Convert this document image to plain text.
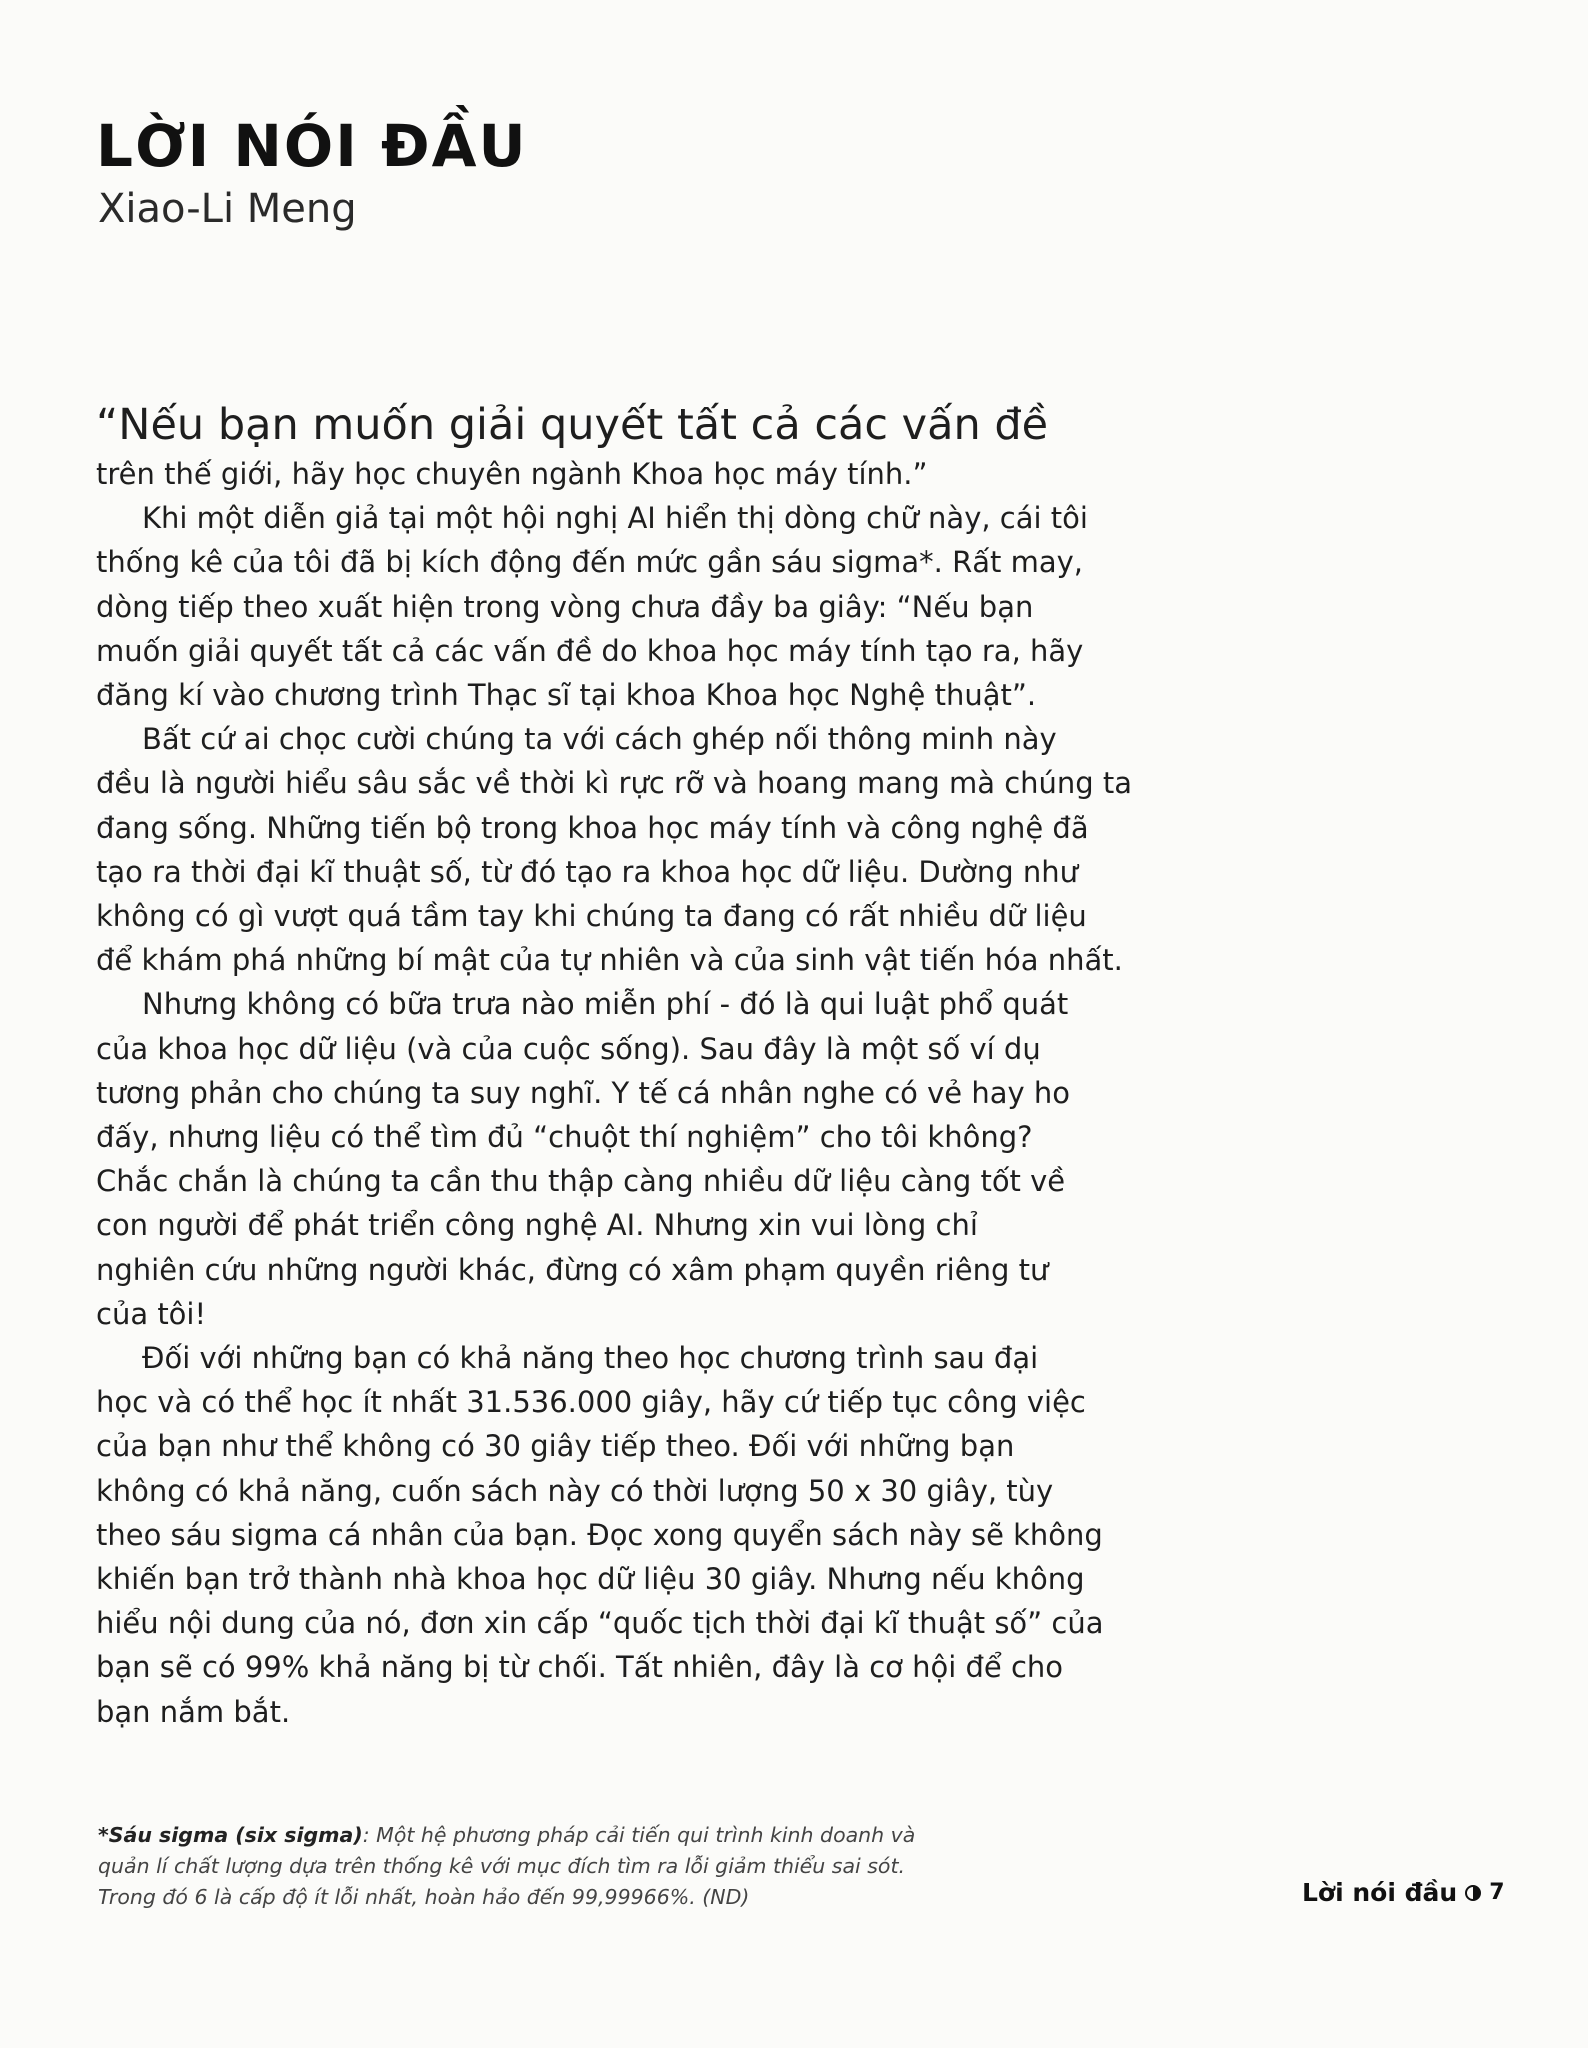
LỜI NÓI ĐẦU
Xiao-Li Meng
“Nếu bạn muốn giải quyết tất cả các vấn đề
trên thế giới, hãy học chuyên ngành Khoa học máy tính.”
Khi một diễn giả tại một hội nghị AI hiển thị dòng chữ này, cái tôi
thống kê của tôi đã bị kích động đến mức gần sáu sigma*. Rất may,
dòng tiếp theo xuất hiện trong vòng chưa đầy ba giây: “Nếu bạn
muốn giải quyết tất cả các vấn đề do khoa học máy tính tạo ra, hãy
đăng kí vào chương trình Thạc sĩ tại khoa Khoa học Nghệ thuật”.
Bất cứ ai chọc cười chúng ta với cách ghép nối thông minh này
đều là người hiểu sâu sắc về thời kì rực rỡ và hoang mang mà chúng ta
đang sống. Những tiến bộ trong khoa học máy tính và công nghệ đã
tạo ra thời đại kĩ thuật số, từ đó tạo ra khoa học dữ liệu. Dường như
không có gì vượt quá tầm tay khi chúng ta đang có rất nhiều dữ liệu
để khám phá những bí mật của tự nhiên và của sinh vật tiến hóa nhất.
Nhưng không có bữa trưa nào miễn phí - đó là qui luật phổ quát
của khoa học dữ liệu (và của cuộc sống). Sau đây là một số ví dụ
tương phản cho chúng ta suy nghĩ. Y tế cá nhân nghe có vẻ hay ho
đấy, nhưng liệu có thể tìm đủ “chuột thí nghiệm” cho tôi không?
Chắc chắn là chúng ta cần thu thập càng nhiều dữ liệu càng tốt về
con người để phát triển công nghệ AI. Nhưng xin vui lòng chỉ
nghiên cứu những người khác, đừng có xâm phạm quyền riêng tư
của tôi!
Đối với những bạn có khả năng theo học chương trình sau đại
học và có thể học ít nhất 31.536.000 giây, hãy cứ tiếp tục công việc
của bạn như thể không có 30 giây tiếp theo. Đối với những bạn
không có khả năng, cuốn sách này có thời lượng 50 x 30 giây, tùy
theo sáu sigma cá nhân của bạn. Đọc xong quyển sách này sẽ không
khiến bạn trở thành nhà khoa học dữ liệu 30 giây. Nhưng nếu không
hiểu nội dung của nó, đơn xin cấp “quốc tịch thời đại kĩ thuật số” của
bạn sẽ có 99% khả năng bị từ chối. Tất nhiên, đây là cơ hội để cho
bạn nắm bắt.
*Sáu sigma (six sigma): Một hệ phương pháp cải tiến qui trình kinh doanh và
quản lí chất lượng dựa trên thống kê với mục đích tìm ra lỗi giảm thiểu sai sót.
Trong đó 6 là cấp độ ít lỗi nhất, hoàn hảo đến 99,99966%. (ND)	Lời nói đầu 7
